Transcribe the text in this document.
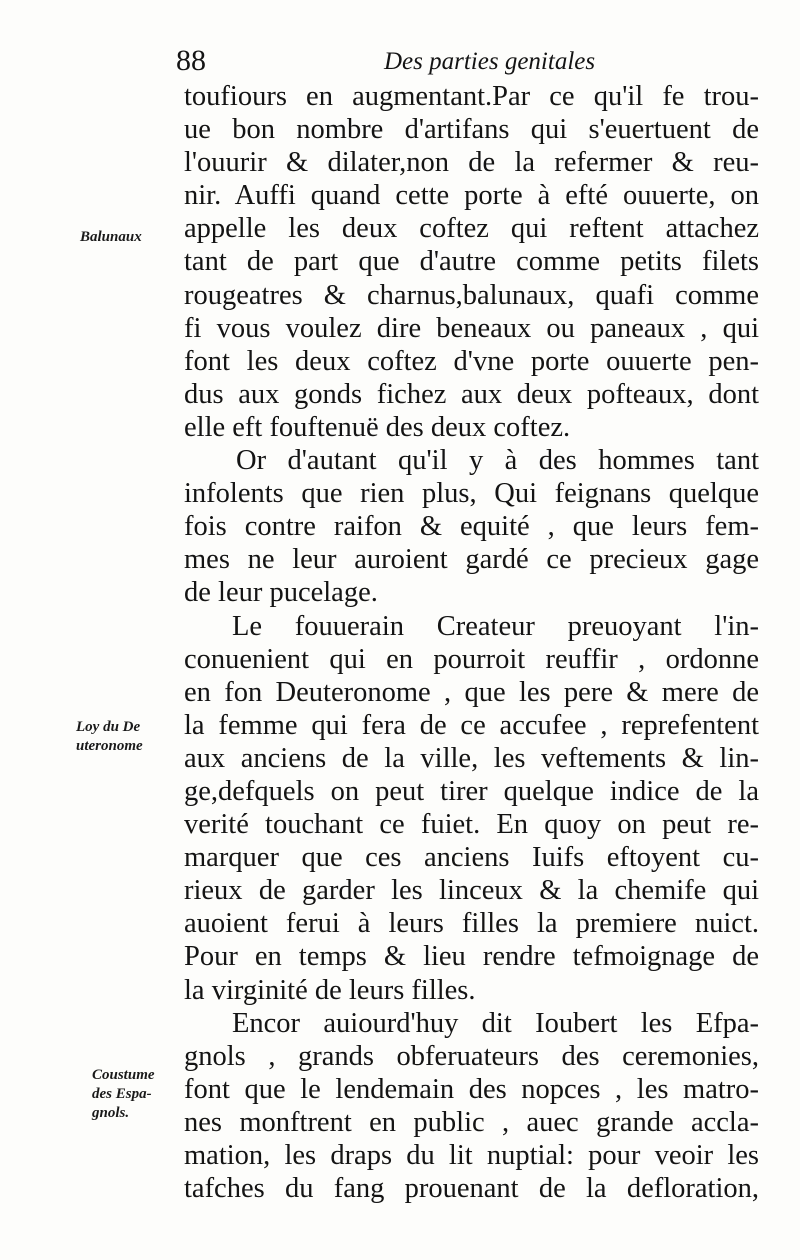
88	Des parties genitales
Balunaux
Loy du De
uteronome
Coustume
des Espa-
gnols.
toufiours en augmentant.Par ce qu'il fe trou-
ue bon nombre d'artifans qui s'euertuent de
l'ouurir & dilater,non de la refermer & reu-
nir. Auffi quand cette porte à efté ouuerte, on
appelle les deux coftez qui reftent attachez
tant de part que d'autre comme petits filets
rougeatres & charnus,balunaux, quafi comme
fi vous voulez dire beneaux ou paneaux , qui
font les deux coftez d'vne porte ouuerte pen-
dus aux gonds fichez aux deux pofteaux, dont
elle eft fouftenuë des deux coftez.
Or d'autant qu'il y à des hommes tant
infolents que rien plus, Qui feignans quelque
fois contre raifon & equité , que leurs fem-
mes ne leur auroient gardé ce precieux gage
de leur pucelage.
Le fouuerain Createur preuoyant l'in-
conuenient qui en pourroit reuffir , ordonne
en fon Deuteronome , que les pere & mere de
la femme qui fera de ce accufee , reprefentent
aux anciens de la ville, les veftements & lin-
ge,defquels on peut tirer quelque indice de la
verité touchant ce fuiet. En quoy on peut re-
marquer que ces anciens Iuifs eftoyent cu-
rieux de garder les linceux & la chemife qui
auoient ferui à leurs filles la premiere nuict.
Pour en temps & lieu rendre tefmoignage de
la virginité de leurs filles.
Encor auiourd'huy dit Ioubert les Efpa-
gnols , grands obferuateurs des ceremonies,
font que le lendemain des nopces , les matro-
nes monftrent en public , auec grande accla-
mation, les draps du lit nuptial: pour veoir les
tafches du fang prouenant de la defloration,
